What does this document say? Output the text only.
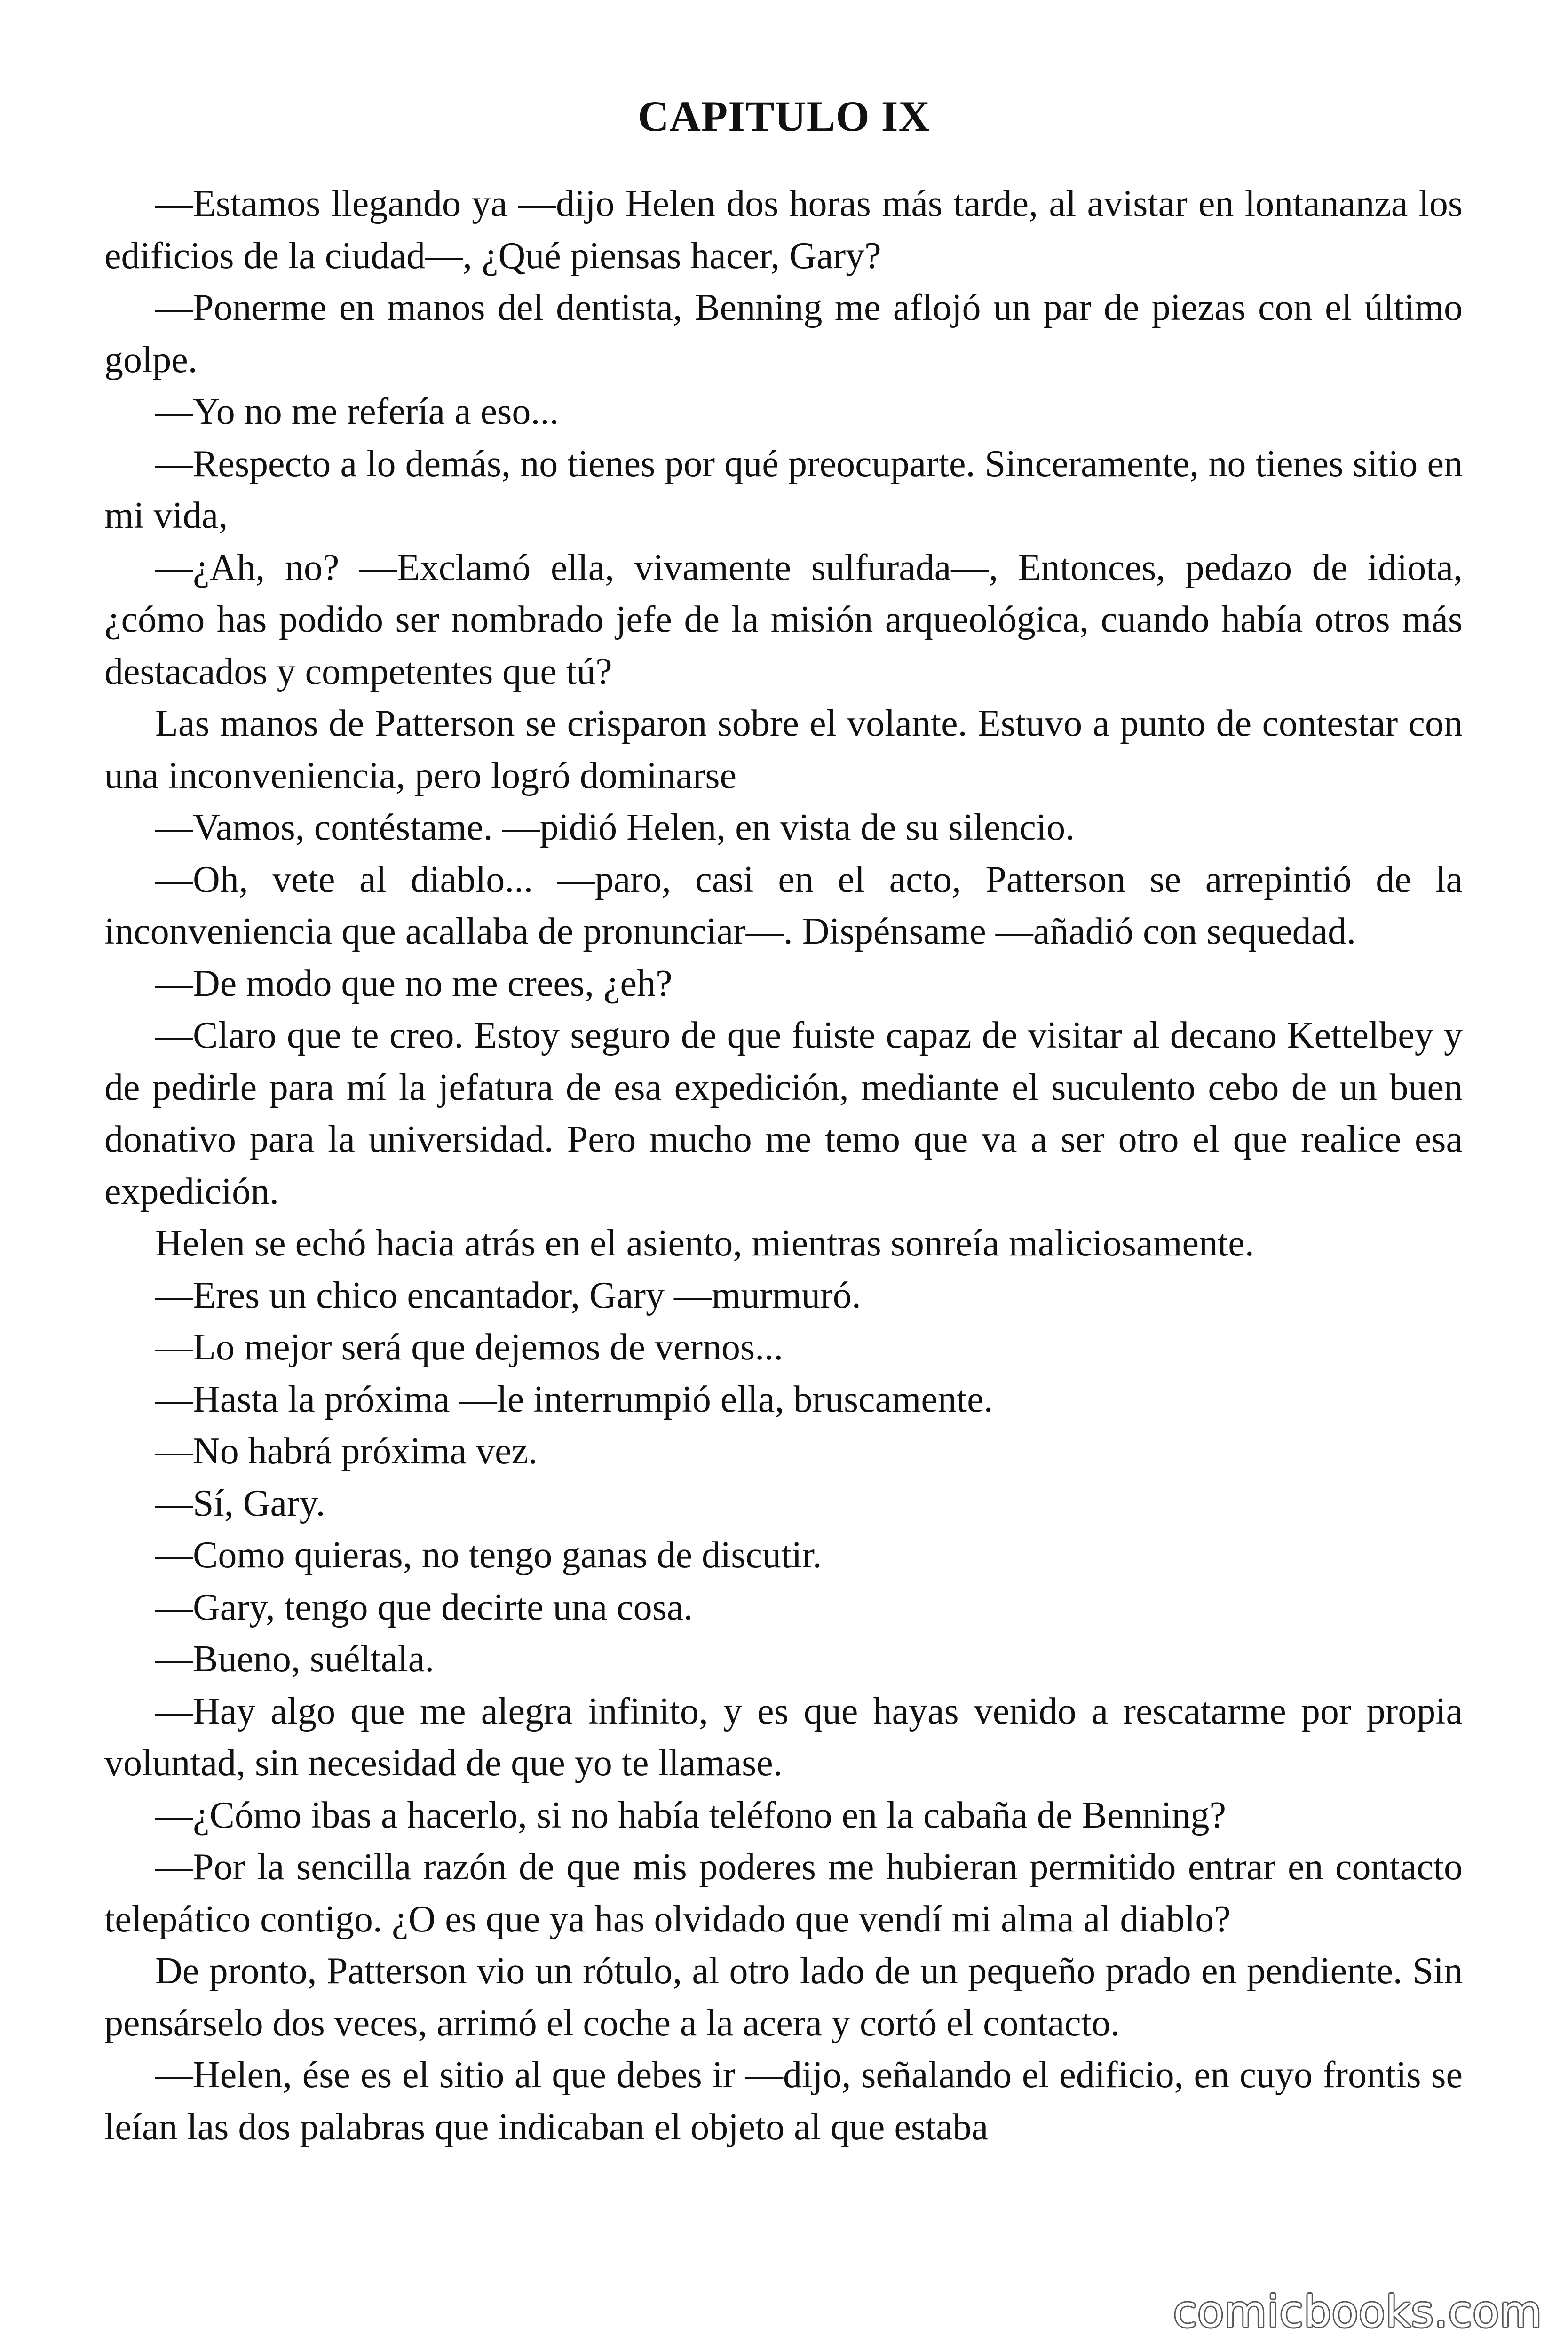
CAPITULO IX

—Estamos llegando ya —dijo Helen dos horas más tarde, al avistar en lontananza los edificios de la ciudad—, ¿Qué piensas hacer, Gary?

—Ponerme en manos del dentista, Benning me aflojó un par de piezas con el último golpe.

—Yo no me refería a eso...

—Respecto a lo demás, no tienes por qué preocuparte. Sinceramente, no tienes sitio en mi vida,

—¿Ah, no? —Exclamó ella, vivamente sulfurada—, Entonces, pedazo de idiota, ¿cómo has podido ser nombrado jefe de la misión arqueológica, cuando había otros más destacados y competentes que tú?

Las manos de Patterson se crisparon sobre el volante. Estuvo a punto de contestar con una inconveniencia, pero logró dominarse

—Vamos, contéstame. —pidió Helen, en vista de su silencio.

—Oh, vete al diablo... —paro, casi en el acto, Patterson se arrepintió de la inconveniencia que acallaba de pronunciar—. Dispénsame —añadió con sequedad.

—De modo que no me crees, ¿eh?

—Claro que te creo. Estoy seguro de que fuiste capaz de visitar al decano Kettelbey y de pedirle para mí la jefatura de esa expedición, mediante el suculento cebo de un buen donativo para la universidad. Pero mucho me temo que va a ser otro el que realice esa expedición.

Helen se echó hacia atrás en el asiento, mientras sonreía maliciosamente.

—Eres un chico encantador, Gary —murmuró.

—Lo mejor será que dejemos de vernos...

—Hasta la próxima —le interrumpió ella, bruscamente.

—No habrá próxima vez.

—Sí, Gary.

—Como quieras, no tengo ganas de discutir.

—Gary, tengo que decirte una cosa.

—Bueno, suéltala.

—Hay algo que me alegra infinito, y es que hayas venido a rescatarme por propia voluntad, sin necesidad de que yo te llamase.

—¿Cómo ibas a hacerlo, si no había teléfono en la cabaña de Benning?

—Por la sencilla razón de que mis poderes me hubieran permitido entrar en contacto telepático contigo. ¿O es que ya has olvidado que vendí mi alma al diablo?

De pronto, Patterson vio un rótulo, al otro lado de un pequeño prado en pendiente. Sin pensárselo dos veces, arrimó el coche a la acera y cortó el contacto.

—Helen, ése es el sitio al que debes ir —dijo, señalando el edificio, en cuyo frontis se leían las dos palabras que indicaban el objeto al que estaba

comicbooks.com
